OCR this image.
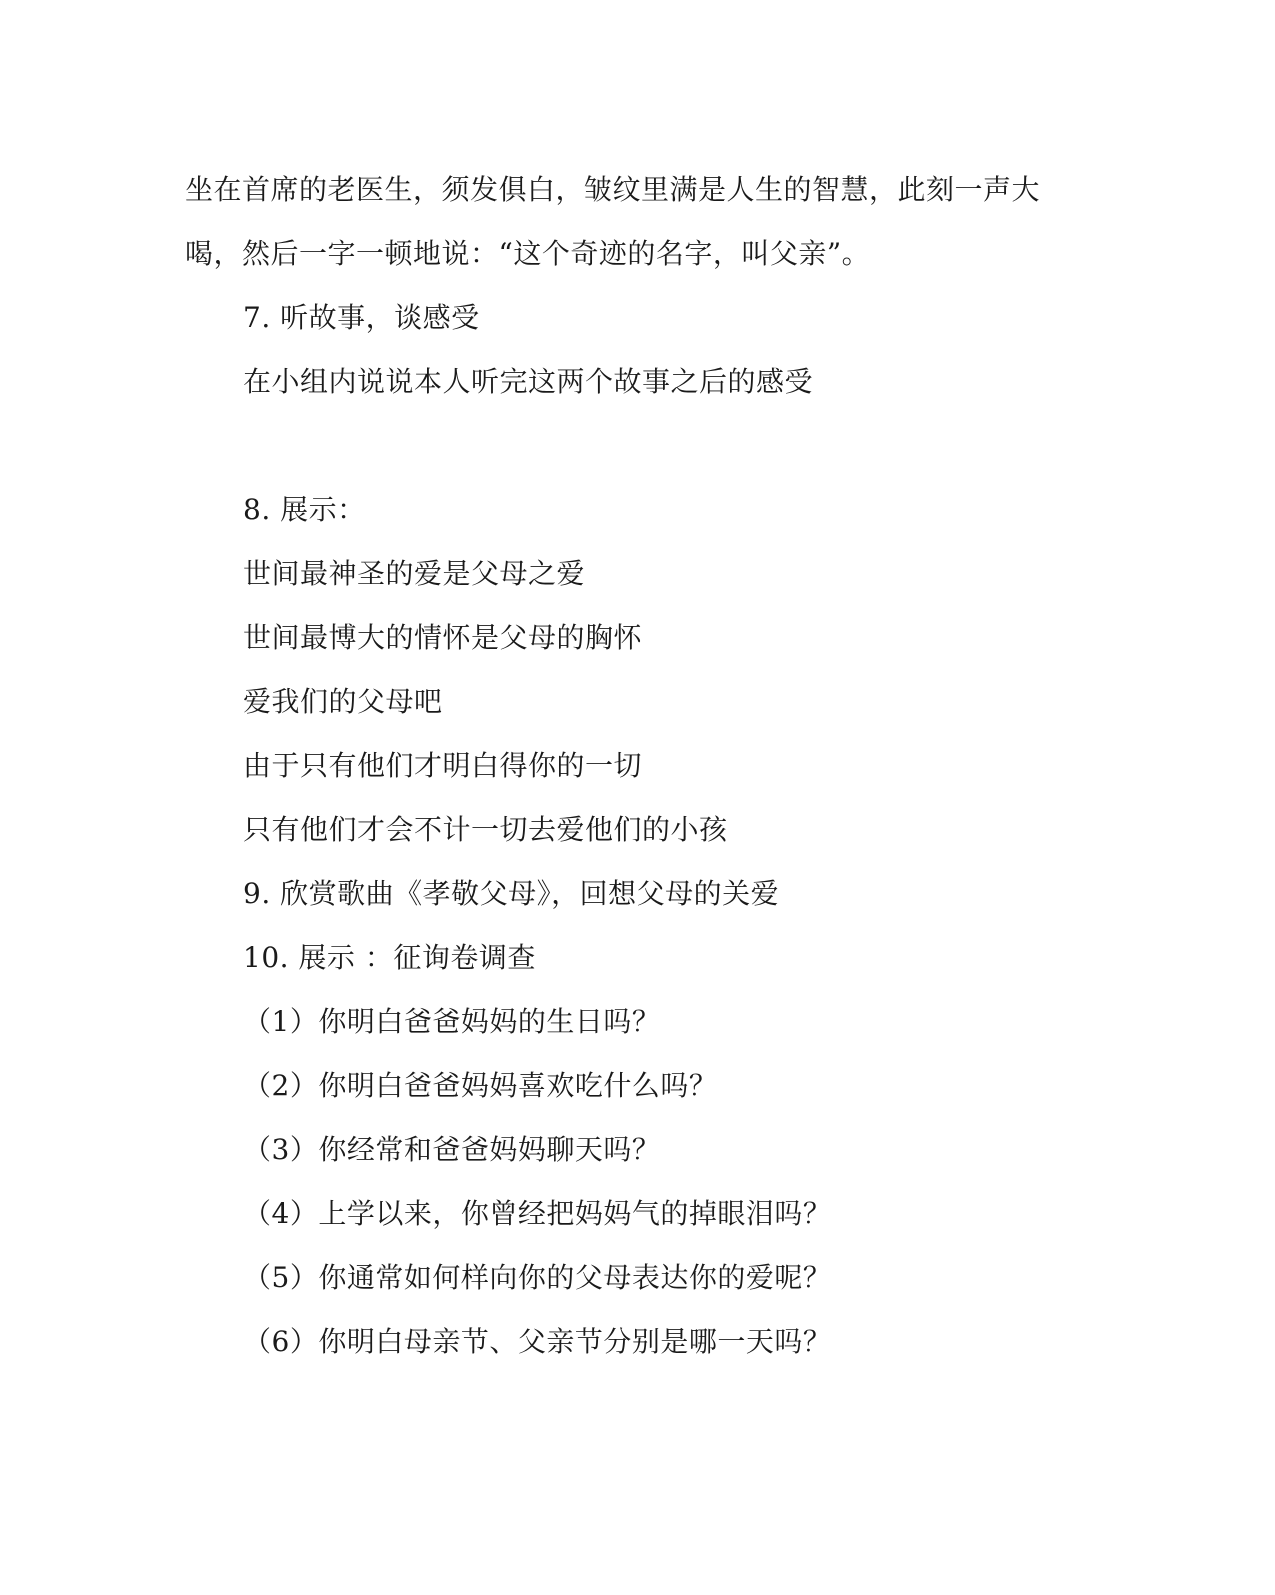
坐在首席的老医生，须发俱白，皱纹里满是人生的智慧，此刻一声大
喝，然后一字一顿地说：“这个奇迹的名字，叫父亲”。
7. 听故事，谈感受
在小组内说说本人听完这两个故事之后的感受
8. 展示：
世间最神圣的爱是父母之爱
世间最博大的情怀是父母的胸怀
爱我们的父母吧
由于只有他们才明白得你的一切
只有他们才会不计一切去爱他们的小孩
9. 欣赏歌曲《孝敬父母》，回想父母的关爱
10. 展示 ：征询卷调查
（1）你明白爸爸妈妈的生日吗？
（2）你明白爸爸妈妈喜欢吃什么吗？
（3）你经常和爸爸妈妈聊天吗？
（4）上学以来，你曾经把妈妈气的掉眼泪吗？
（5）你通常如何样向你的父母表达你的爱呢？
（6）你明白母亲节、父亲节分别是哪一天吗？
